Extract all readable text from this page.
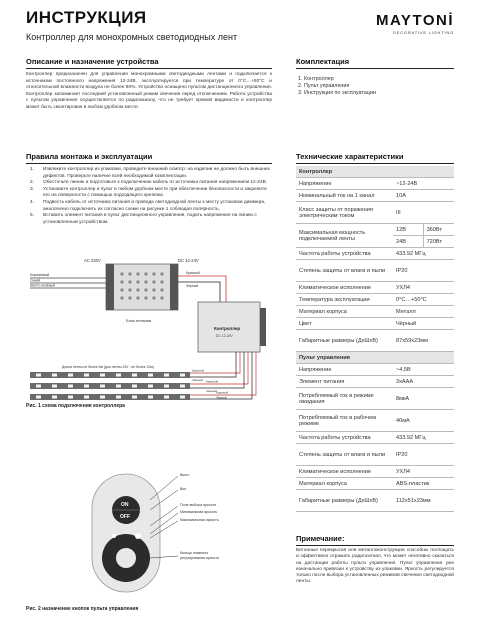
ИНСТРУКЦИЯ
Контроллер для монохромных светодиодных лент
MAYTONİ
DECORATIVE LIGHTING
Описание и назначение устройства
Контроллер предназначен для управления монохромными светодиодными лентами и подключается к источникам постоянного напряжения 12-24В, эксплуатируется при температуре от 0°С…+50°С и относительной влажности воздуха не более 80%. Устройство оснащено пультом дистанционного управления. Контроллер запоминает последний установленный режим свечения перед отключением. Работа устройства с пультом управления осуществляется по радиоканалу, что не требует прямой видимости и контроллер может быть смонтирован в любом удобном месте.
Комплектация
1. Контроллер
2. Пульт управления
3. Инструкция по эксплуатации
Правила монтажа и эксплуатации
1.	Извлеките контроллер из упаковки, проведите внешний осмотр: на изделии не должно быть внешних дефектов. Проверьте наличие всей необходимой комплектации.
2.	Обесточьте линию и подготовьте к подключению кабель от источника питания напряжением 12-24В.
3.	Установите контроллер и пульт в любом удобном месте при обеспечении безопасности и закрепите его на поверхности с помощью подходящего крепежа.
4.	Подвесть кабель от источника питания и провода светодиодной ленты к месту установки диммера, аналогично подключить их согласно схеме на рисунке 1 соблюдая полярность.
5.	Вставить элемент питания в пульт дистанционного управления, подать напряжение на линию с установленным устройством.
Коричневый
Синий
Жёлто-зелёный
AC 230V	DC 12-24V
Блок питания
Красный
Чёрный
Контроллер
DC 12-24V
Длина ленты не более 5м (для ленты 24V - не более 10м)
Красный
Чёрный Красный
Чёрный Красный
Чёрный
Рис. 1 схема подключения контроллера
ON
OFF
Выкл.
Вкл.
Поле выбора яркости
Минимальная яркость
Максимальная яркость
Кольцо плавного регулирования яркости
Рис. 2 назначение кнопок пульта управления
Технические характеристики
Контроллер		
Напряжение	~12-24В	
Номинальный ток на 1 канал	10А	
Класс защиты от поражения электрическим током	III	
Максимальная мощность подключаемой ленты	12В	360Вт
	24В	720Вт
Частота работы устройства	433.92 МГц	
Степень защиты от влаги и пыли	IP20	
Климатическое исполнение	УХЛ4	
Температура эксплуатации	0°С…+50°С	
Материал корпуса	Металл	
Цвет	Чёрный	
Габаритные размеры (ДхШхВ)	87х59х23мм	
Пульт управления		
Напряжение	~4,5В	
Элемент питания	3хААА	
Потребляемый ток в режиме ожидания	8мкА	
Потребляемый ток в рабочем режиме	40мА	
Частота работы устройства	433.92 МГц	
Степень защиты от влаги и пыли	IP20	
Климатическое исполнение	УХЛ4	
Материал корпуса	ABS-пластик	
Габаритные размеры (ДхШхВ)	112х51х23мм	
Примечание:
Бетонные перекрытия или металлоконструкции способны поглощать и эффективно отражать радиосигнал, что может негативно сказаться на дистанции работы пульта управления. Пульт управления уже изначально привязан к устройству из упаковки. Яркость регулируется только после выбора установленных режимов свечения светодиодной ленты.
